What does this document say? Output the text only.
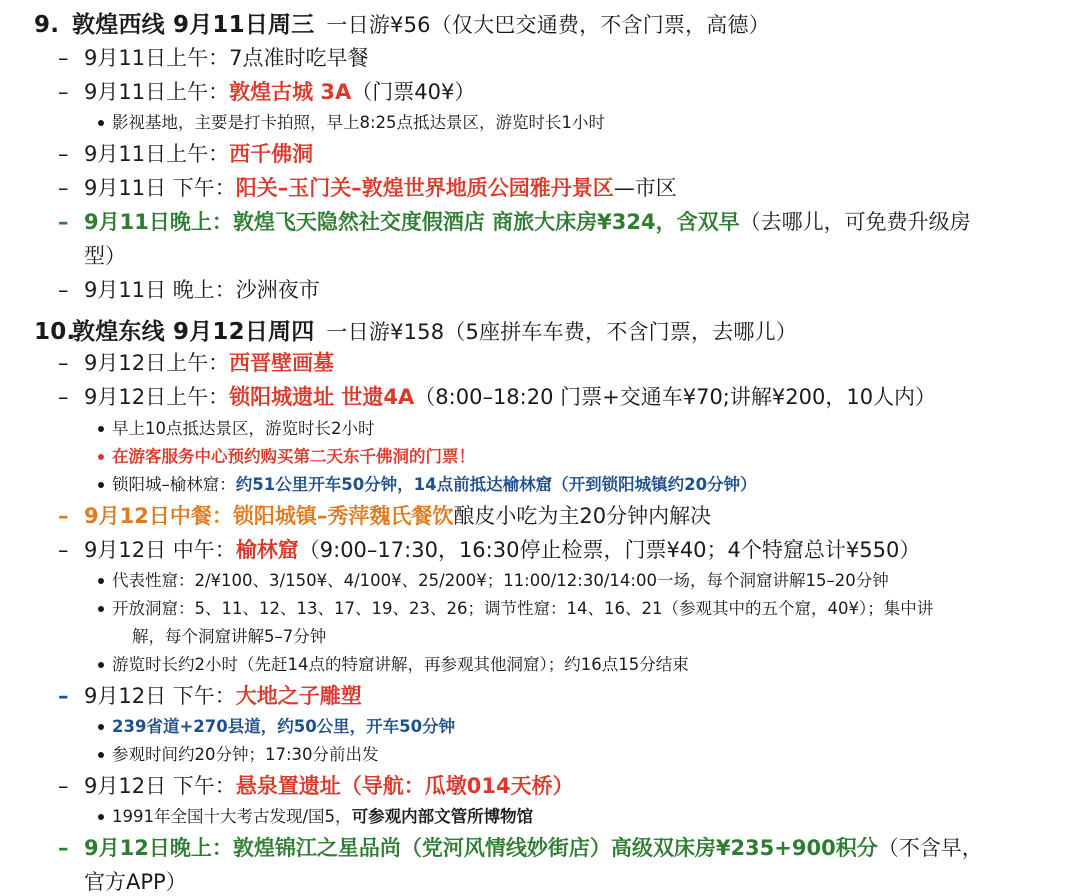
9. 敦煌西线 9月11日周三 一日游¥56（仅大巴交通费，不含门票，高德）
– 9月11日上午：7点准时吃早餐
– 9月11日上午：敦煌古城 3A（门票40¥）
影视基地，主要是打卡拍照，早上8:25点抵达景区，游览时长1小时
– 9月11日上午：西千佛洞
– 9月11日 下午：阳关–玉门关–敦煌世界地质公园雅丹景区—市区
– 9月11日晚上：敦煌飞天隐然社交度假酒店 商旅大床房¥324，含双早（去哪儿，可免费升级房
型）
– 9月11日 晚上：沙洲夜市
10.敦煌东线 9月12日周四 一日游¥158（5座拼车车费，不含门票，去哪儿）
– 9月12日上午：西晋壁画墓
– 9月12日上午：锁阳城遗址 世遗4A（8:00–18:20 门票+交通车¥70;讲解¥200，10人内）
早上10点抵达景区，游览时长2小时
在游客服务中心预约购买第二天东千佛洞的门票！
锁阳城–榆林窟：约51公里开车50分钟，14点前抵达榆林窟（开到锁阳城镇约20分钟）
– 9月12日中餐：锁阳城镇–秀萍魏氏餐饮酿皮小吃为主20分钟内解决
– 9月12日 中午：榆林窟（9:00–17:30，16:30停止检票，门票¥40；4个特窟总计¥550）
代表性窟：2/¥100、3/150¥、4/100¥、25/200¥；11:00/12:30/14:00一场，每个洞窟讲解15–20分钟
开放洞窟：5、11、12、13、17、19、23、26；调节性窟：14、16、21（参观其中的五个窟，40¥）；集中讲
解，每个洞窟讲解5–7分钟
游览时长约2小时（先赶14点的特窟讲解，再参观其他洞窟）；约16点15分结束
– 9月12日 下午：大地之子雕塑
239省道+270县道，约50公里，开车50分钟
参观时间约20分钟；17:30分前出发
– 9月12日 下午：悬泉置遗址（导航：瓜墩014天桥）
1991年全国十大考古发现/国5，可参观内部文管所博物馆
– 9月12日晚上：敦煌锦江之星品尚（党河风情线妙街店）高级双床房¥235+900积分（不含早，
官方APP）
